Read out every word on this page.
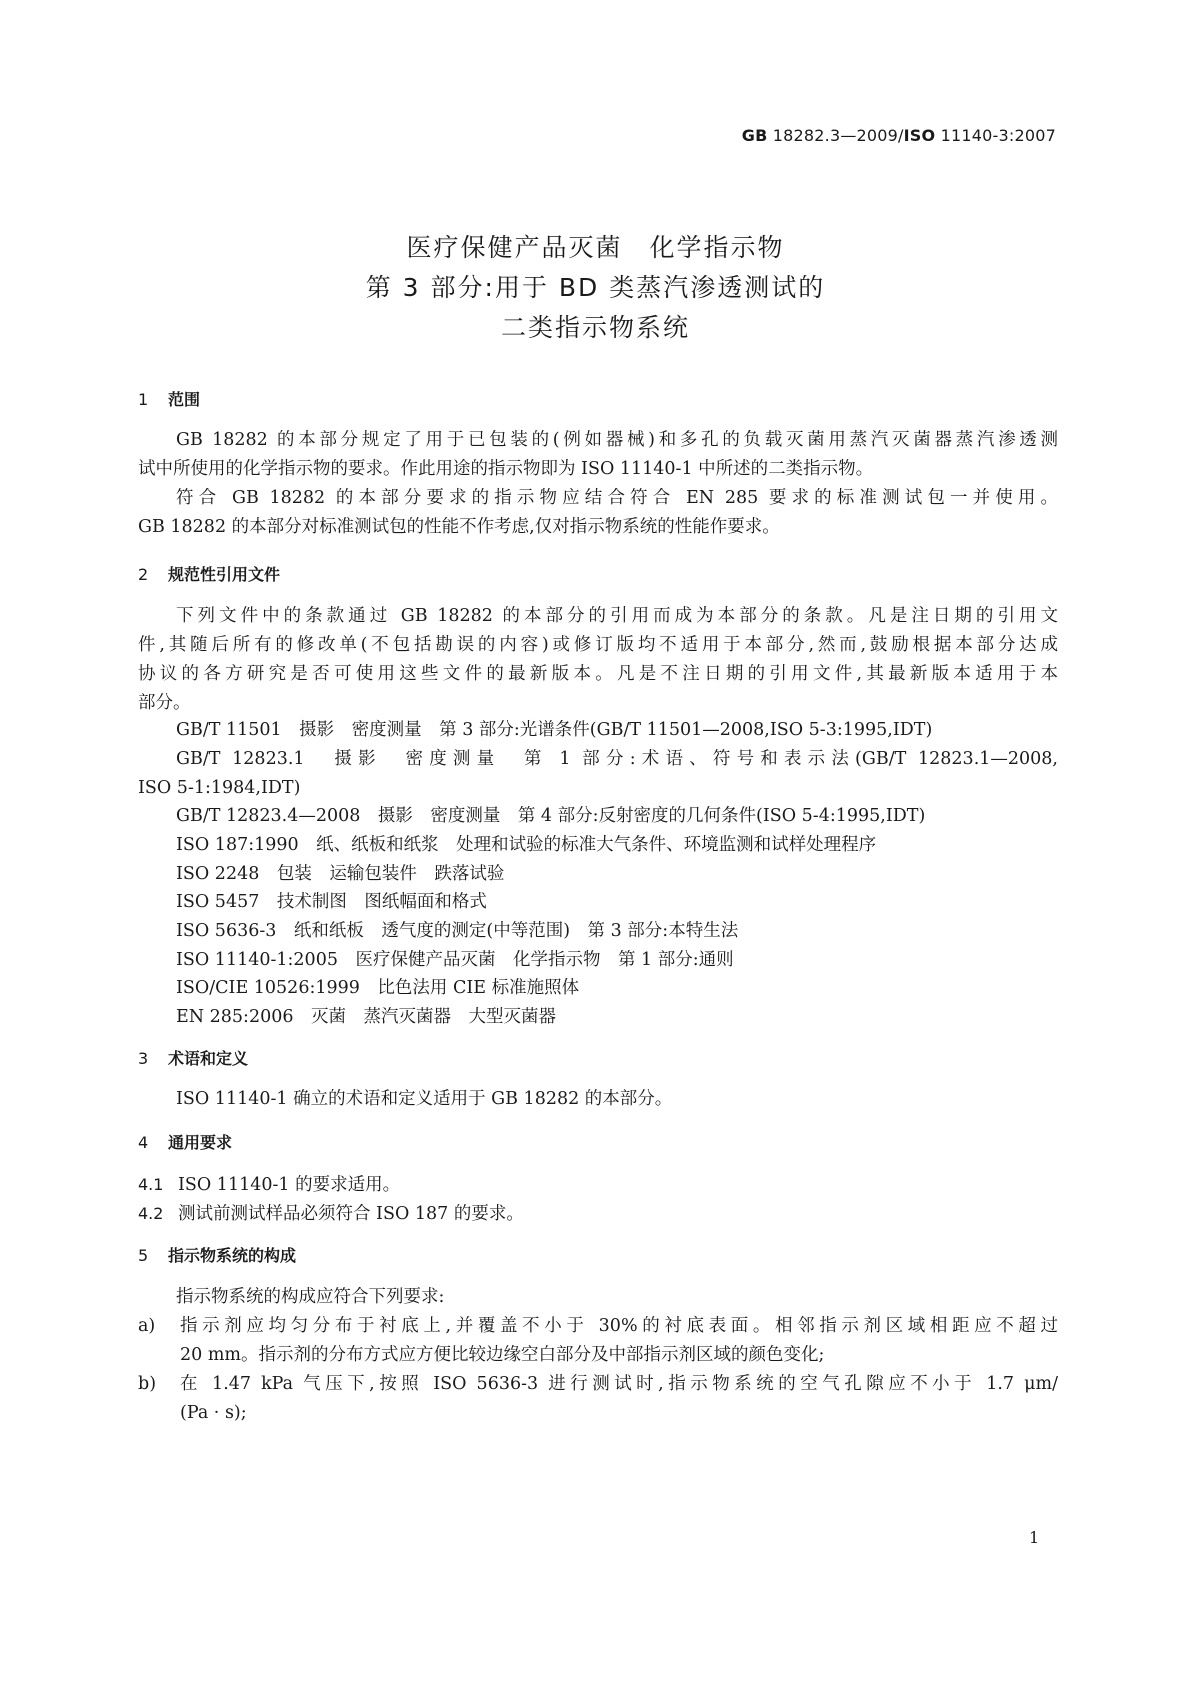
GB 18282.3—2009/ISO 11140-3:2007
医疗保健产品灭菌　化学指示物
第 3 部分:用于 BD 类蒸汽渗透测试的
二类指示物系统
1 范围
GB 18282 的本部分规定了用于已包装的(例如器械)和多孔的负载灭菌用蒸汽灭菌器蒸汽渗透测
试中所使用的化学指示物的要求。作此用途的指示物即为 ISO 11140-1 中所述的二类指示物。
符合 GB 18282 的本部分要求的指示物应结合符合 EN 285 要求的标准测试包一并使用。
GB 18282 的本部分对标准测试包的性能不作考虑,仅对指示物系统的性能作要求。
2 规范性引用文件
下列文件中的条款通过 GB 18282 的本部分的引用而成为本部分的条款。凡是注日期的引用文
件,其随后所有的修改单(不包括勘误的内容)或修订版均不适用于本部分,然而,鼓励根据本部分达成
协议的各方研究是否可使用这些文件的最新版本。凡是不注日期的引用文件,其最新版本适用于本
部分。
GB/T 11501　摄影　密度测量　第 3 部分:光谱条件(GB/T 11501—2008,ISO 5-3:1995,IDT)
GB/T 12823.1　摄影　密度测量　第 1 部分:术语、符号和表示法(GB/T 12823.1—2008,
ISO 5-1:1984,IDT)
GB/T 12823.4—2008　摄影　密度测量　第 4 部分:反射密度的几何条件(ISO 5-4:1995,IDT)
ISO 187:1990　纸、纸板和纸浆　处理和试验的标准大气条件、环境监测和试样处理程序
ISO 2248　包装　运输包装件　跌落试验
ISO 5457　技术制图　图纸幅面和格式
ISO 5636-3　纸和纸板　透气度的测定(中等范围)　第 3 部分:本特生法
ISO 11140-1:2005　医疗保健产品灭菌　化学指示物　第 1 部分:通则
ISO/CIE 10526:1999　比色法用 CIE 标准施照体
EN 285:2006　灭菌　蒸汽灭菌器　大型灭菌器
3 术语和定义
ISO 11140-1 确立的术语和定义适用于 GB 18282 的本部分。
4 通用要求
4.1 ISO 11140-1 的要求适用。
4.2 测试前测试样品必须符合 ISO 187 的要求。
5 指示物系统的构成
指示物系统的构成应符合下列要求:
a) 指示剂应均匀分布于衬底上,并覆盖不小于 30%的衬底表面。相邻指示剂区域相距应不超过
20 mm。指示剂的分布方式应方便比较边缘空白部分及中部指示剂区域的颜色变化;
b) 在 1.47 kPa 气压下,按照 ISO 5636-3 进行测试时,指示物系统的空气孔隙应不小于 1.7 μm/
(Pa · s);
1
